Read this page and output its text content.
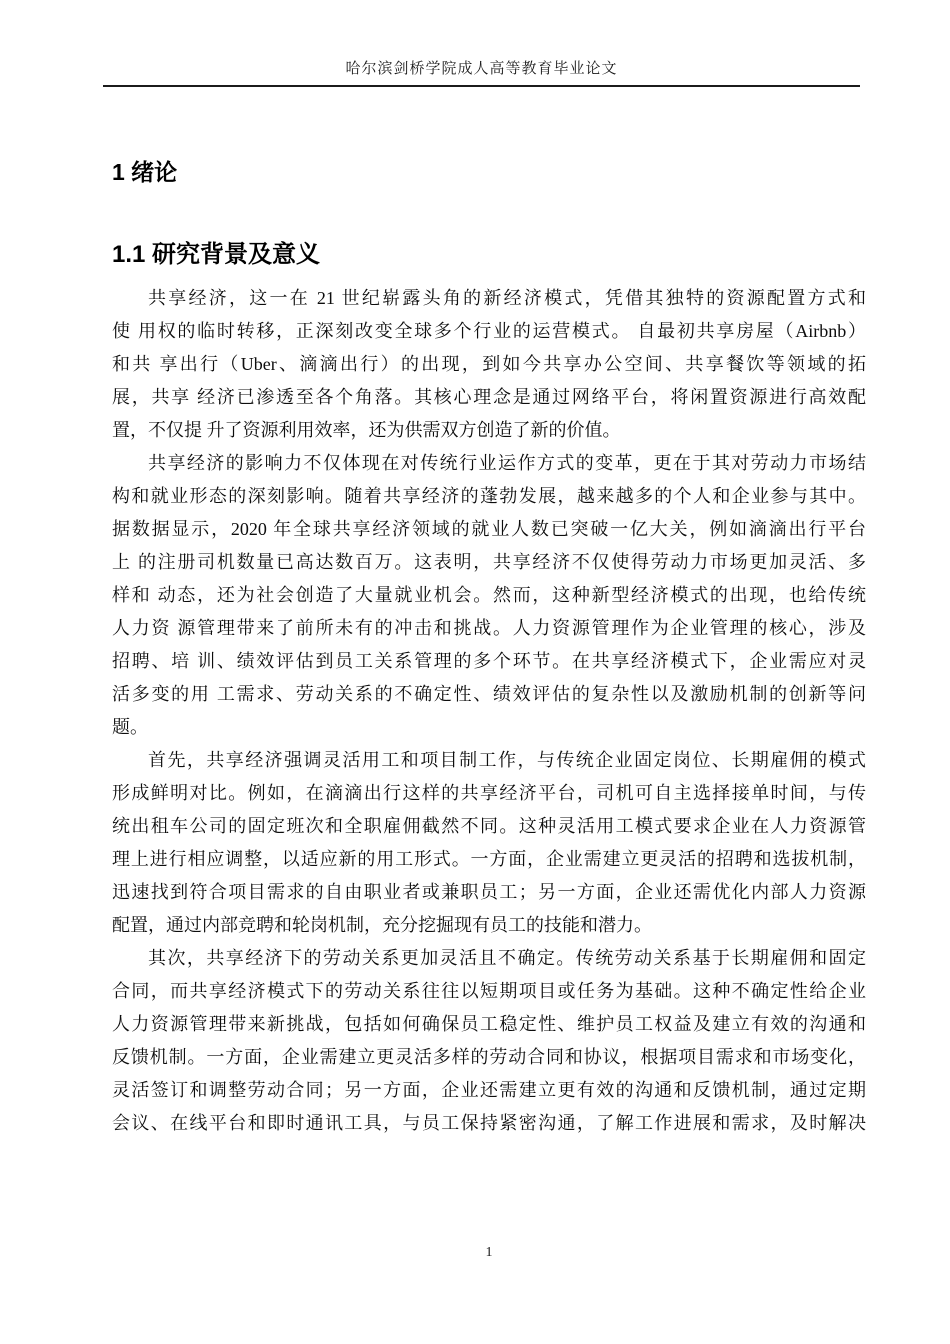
哈尔滨剑桥学院成人高等教育毕业论文
1 绪论
1.1 研究背景及意义
共享经济，这一在 21 世纪崭露头角的新经济模式，凭借其独特的资源配置方式和
使 用权的临时转移，正深刻改变全球多个行业的运营模式。 自最初共享房屋（Airbnb）
和共 享出行（Uber、滴滴出行）的出现，到如今共享办公空间、共享餐饮等领域的拓
展，共享 经济已渗透至各个角落。其核心理念是通过网络平台，将闲置资源进行高效配
置，不仅提 升了资源利用效率，还为供需双方创造了新的价值。
共享经济的影响力不仅体现在对传统行业运作方式的变革，更在于其对劳动力市场结
构和就业形态的深刻影响。随着共享经济的蓬勃发展，越来越多的个人和企业参与其中。
据数据显示，2020 年全球共享经济领域的就业人数已突破一亿大关，例如滴滴出行平台
上 的注册司机数量已高达数百万。这表明，共享经济不仅使得劳动力市场更加灵活、多
样和 动态，还为社会创造了大量就业机会。然而，这种新型经济模式的出现，也给传统
人力资 源管理带来了前所未有的冲击和挑战。人力资源管理作为企业管理的核心，涉及
招聘、培 训、绩效评估到员工关系管理的多个环节。在共享经济模式下，企业需应对灵
活多变的用 工需求、劳动关系的不确定性、绩效评估的复杂性以及激励机制的创新等问
题。
首先，共享经济强调灵活用工和项目制工作，与传统企业固定岗位、长期雇佣的模式
形成鲜明对比。例如，在滴滴出行这样的共享经济平台，司机可自主选择接单时间，与传
统出租车公司的固定班次和全职雇佣截然不同。这种灵活用工模式要求企业在人力资源管
理上进行相应调整，以适应新的用工形式。一方面，企业需建立更灵活的招聘和选拔机制，
迅速找到符合项目需求的自由职业者或兼职员工；另一方面，企业还需优化内部人力资源
配置，通过内部竞聘和轮岗机制，充分挖掘现有员工的技能和潜力。
其次，共享经济下的劳动关系更加灵活且不确定。传统劳动关系基于长期雇佣和固定
合同，而共享经济模式下的劳动关系往往以短期项目或任务为基础。这种不确定性给企业
人力资源管理带来新挑战，包括如何确保员工稳定性、维护员工权益及建立有效的沟通和
反馈机制。一方面，企业需建立更灵活多样的劳动合同和协议，根据项目需求和市场变化，
灵活签订和调整劳动合同；另一方面，企业还需建立更有效的沟通和反馈机制，通过定期
会议、在线平台和即时通讯工具，与员工保持紧密沟通，了解工作进展和需求，及时解决
1
